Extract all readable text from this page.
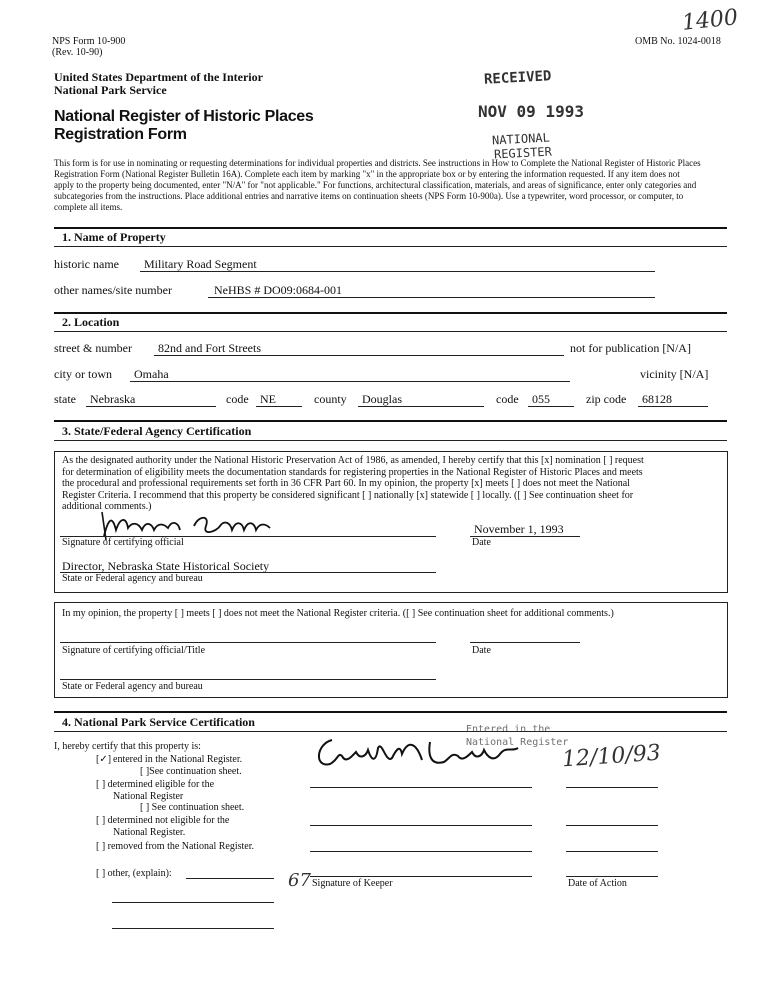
NPS Form 10-900
(Rev. 10-90)
OMB No. 1024-0018
1400
United States Department of the Interior
National Park Service
National Register of Historic Places
Registration Form
RECEIVED
NOV 09 1993
NATIONAL
REGISTER
This form is for use in nominating or requesting determinations for individual properties and districts. See instructions in How to Complete the National Register of Historic Places
Registration Form (National Register Bulletin 16A). Complete each item by marking "x" in the appropriate box or by entering the information requested. If any item does not
apply to the property being documented, enter "N/A" for "not applicable." For functions, architectural classification, materials, and areas of significance, enter only categories and
subcategories from the instructions. Place additional entries and narrative items on continuation sheets (NPS Form 10-900a). Use a typewriter, word processor, or computer, to
complete all items.
1. Name of Property
historic name Military Road Segment
other names/site number	NeHBS # DO09:0684-001
2. Location
street & number 82nd and Fort Streets	not for publication [N/A]
city or town Omaha	vicinity [N/A]
state Nebraska	code NE	county Douglas	code 055	zip code 68128
3. State/Federal Agency Certification
As the designated authority under the National Historic Preservation Act of 1986, as amended, I hereby certify that this [x] nomination [ ] request
for determination of eligibility meets the documentation standards for registering properties in the National Register of Historic Places and meets
the procedural and professional requirements set forth in 36 CFR Part 60. In my opinion, the property [x] meets [ ] does not meet the National
Register Criteria. I recommend that this property be considered significant [ ] nationally [x] statewide [ ] locally. ([ ] See continuation sheet for
additional comments.)
Signature of certifying official
November 1, 1993
Date
Director, Nebraska State Historical Society
State or Federal agency and bureau
In my opinion, the property [ ] meets [ ] does not meet the National Register criteria. ([ ] See continuation sheet for additional comments.)
Signature of certifying official/Title	Date
State or Federal agency and bureau
4. National Park Service Certification
I, hereby certify that this property is:
[✓] entered in the National Register.
[ ]See continuation sheet.
[ ] determined eligible for the
National Register
[ ] See continuation sheet.
[ ] determined not eligible for the
National Register.
[ ] removed from the National Register.
[ ] other, (explain):
Entered in the
National Register
12/10/93
67 Signature of Keeper	Date of Action
